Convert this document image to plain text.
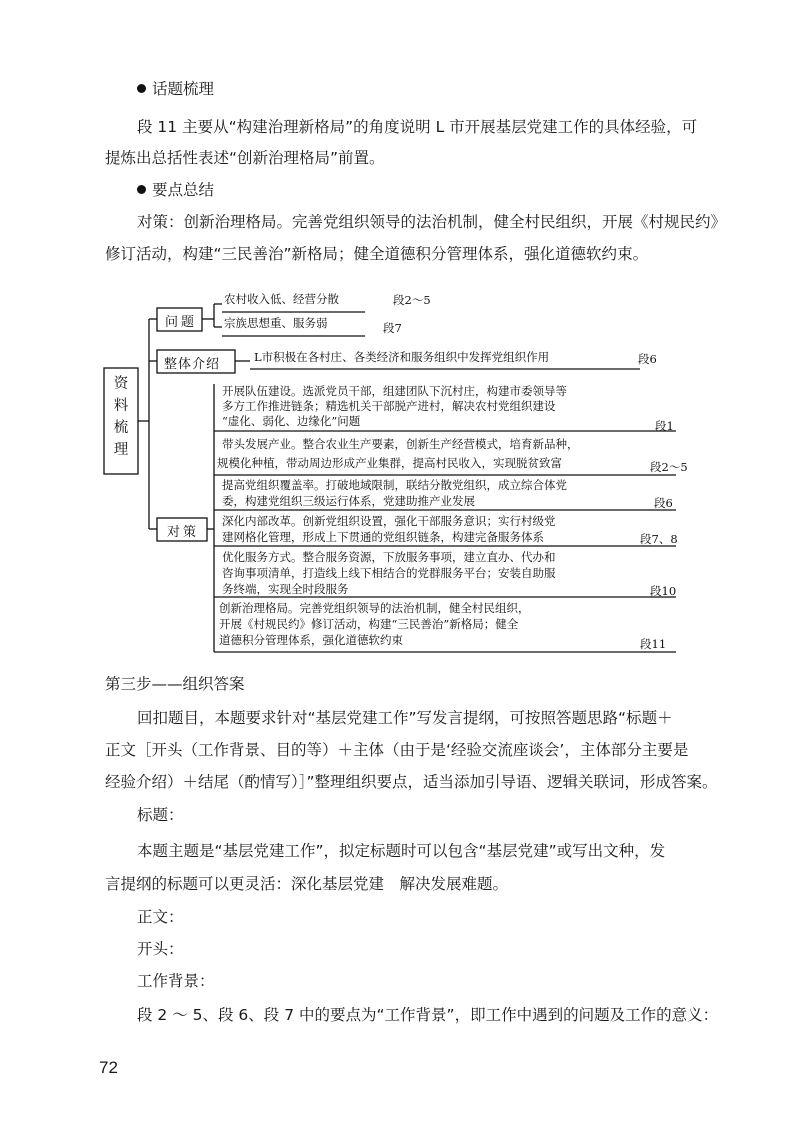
话题梳理
段 11 主要从“构建治理新格局”的角度说明 L 市开展基层党建工作的具体经验，可
提炼出总括性表述“创新治理格局”前置。
要点总结
对策：创新治理格局。完善党组织领导的法治机制，健全村民组织，开展《村规民约》
修订活动，构建“三民善治”新格局；健全道德积分管理体系，强化道德软约束。
资料梳理
问题
农村收入低、经营分散	段2～5
宗族思想重、服务弱	段7
整体介绍	L市积极在各村庄、各类经济和服务组织中发挥党组织作用	段6
对策
开展队伍建设。选派党员干部，组建团队下沉村庄，构建市委领导等
多方工作推进链条；精选机关干部脱产进村，解决农村党组织建设
“虚化、弱化、边缘化”问题	段1
带头发展产业。整合农业生产要素，创新生产经营模式，培育新品种，
规模化种植，带动周边形成产业集群，提高村民收入，实现脱贫致富	段2～5
提高党组织覆盖率。打破地域限制，联结分散党组织，成立综合体党
委，构建党组织三级运行体系，党建助推产业发展	段6
深化内部改革。创新党组织设置，强化干部服务意识；实行村级党
建网格化管理，形成上下贯通的党组织链条，构建完备服务体系	段7、8
优化服务方式。整合服务资源，下放服务事项，建立直办、代办和
咨询事项清单，打造线上线下相结合的党群服务平台；安装自助服
务终端，实现全时段服务	段10
创新治理格局。完善党组织领导的法治机制，健全村民组织，
开展《村规民约》修订活动，构建“三民善治”新格局；健全
道德积分管理体系，强化道德软约束	段11
第三步——组织答案
回扣题目，本题要求针对“基层党建工作”写发言提纲，可按照答题思路“标题＋
正文［开头（工作背景、目的等）＋主体（由于是‘经验交流座谈会’，主体部分主要是
经验介绍）＋结尾（酌情写）］”整理组织要点，适当添加引导语、逻辑关联词，形成答案。
标题：
本题主题是“基层党建工作”，拟定标题时可以包含“基层党建”或写出文种，发
言提纲的标题可以更灵活：深化基层党建　解决发展难题。
正文：
开头：
工作背景：
段 2 ～ 5、段 6、段 7 中的要点为“工作背景”，即工作中遇到的问题及工作的意义：
72
